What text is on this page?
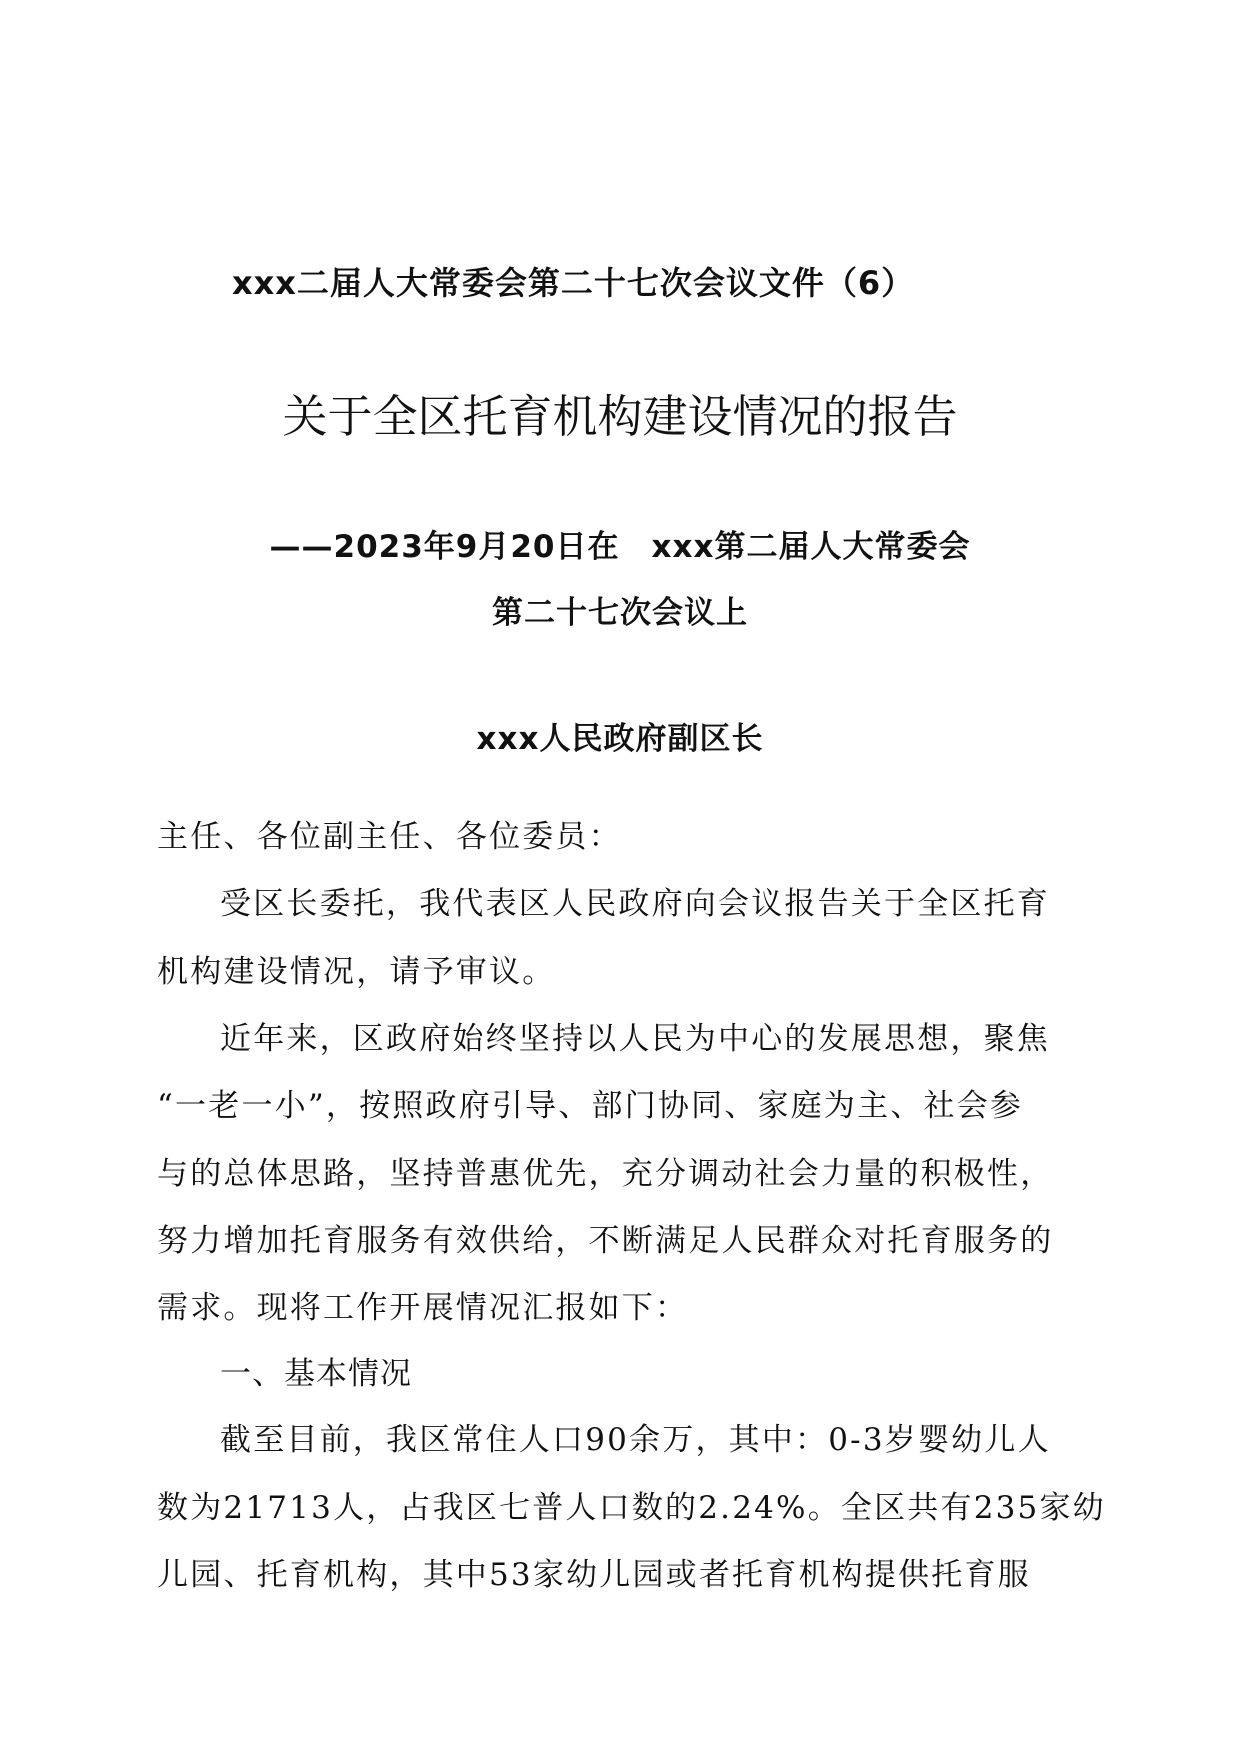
xxx二届人大常委会第二十七次会议文件（6）
关于全区托育机构建设情况的报告
——2023年9月20日在　xxx第二届人大常委会
第二十七次会议上
xxx人民政府副区长
主任、各位副主任、各位委员：
受区长委托，我代表区人民政府向会议报告关于全区托育
机构建设情况，请予审议。
近年来，区政府始终坚持以人民为中心的发展思想，聚焦
“一老一小”，按照政府引导、部门协同、家庭为主、社会参
与的总体思路，坚持普惠优先，充分调动社会力量的积极性，
努力增加托育服务有效供给，不断满足人民群众对托育服务的
需求。现将工作开展情况汇报如下：
一、基本情况
截至目前，我区常住人口90余万，其中：0-3岁婴幼儿人
数为21713人，占我区七普人口数的2.24%。全区共有235家幼
儿园、托育机构，其中53家幼儿园或者托育机构提供托育服
